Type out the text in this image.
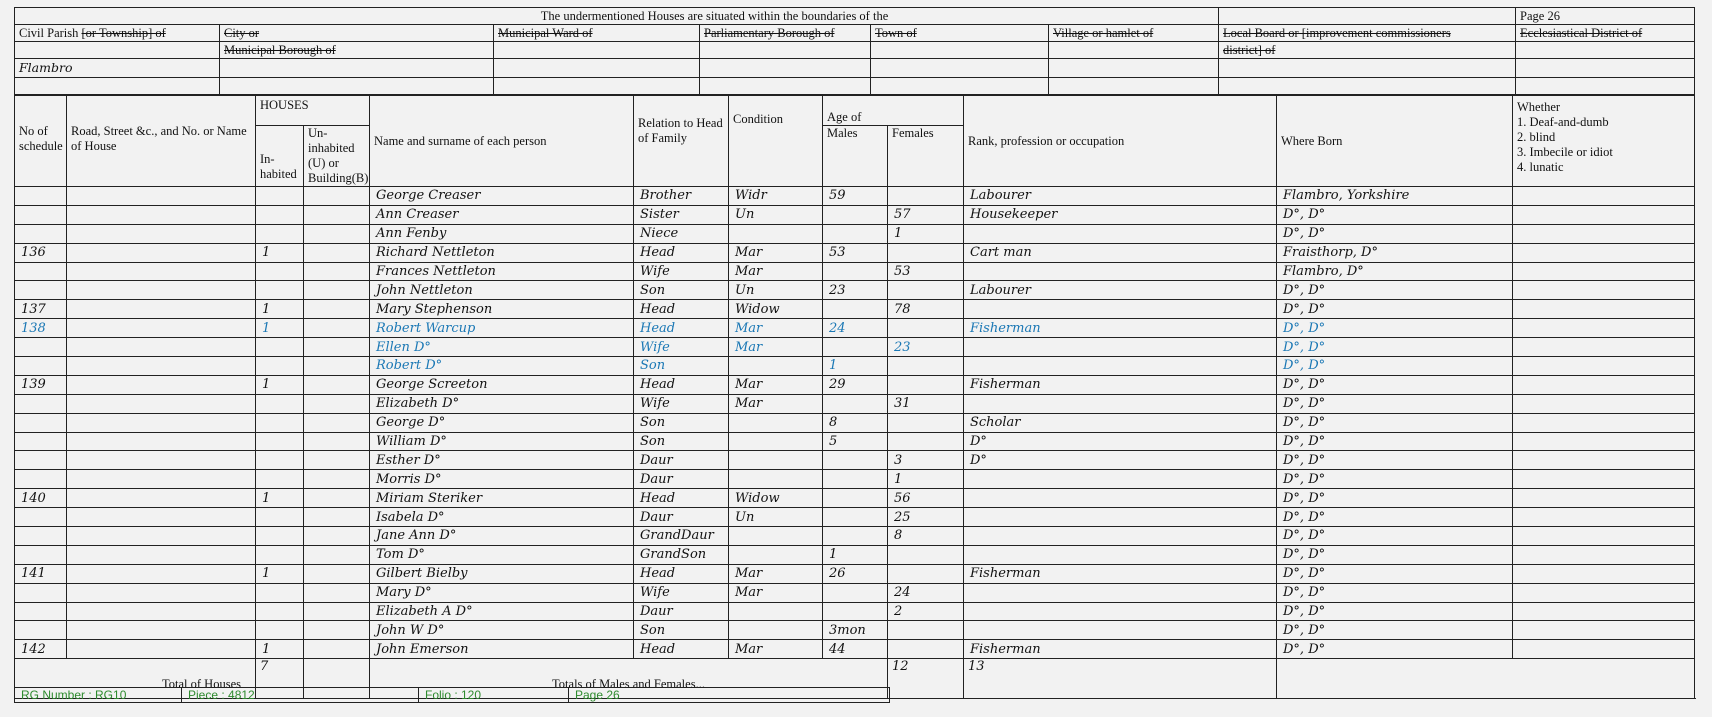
The undermentioned Houses are situated within the boundaries of the							Page 26
Civil Parish [or Township] of	City or	Municipal Ward of	Parliamentary Borough of	Town of	Village or hamlet of	Local Board or [improvement commissioners	Ecclesiastical District of
	Municipal Borough of					district] of	
Flambro							

No of schedule	Road, Street &c., and No. or Name of House	HOUSES		Name and surname of each person	Relation to Head of Family	Condition	Age of		Rank, profession or occupation	Where Born	Whether
1. Deaf-and-dumb
2. blind
3. Imbecile or idiot
4. lunatic

		In- habited	Un- inhabited (U) or Building(B)				Males	Females			
				George Creaser	Brother	Widr	59		Labourer	Flambro, Yorkshire	
				Ann Creaser	Sister	Un		57	Housekeeper	D°, D°	
				Ann Fenby	Niece			1		D°, D°	
136		1		Richard Nettleton	Head	Mar	53		Cart man	Fraisthorp, D°	
				Frances Nettleton	Wife	Mar		53		Flambro, D°	
				John Nettleton	Son	Un	23		Labourer	D°, D°	
137		1		Mary Stephenson	Head	Widow		78		D°, D°	
138		1		Robert Warcup	Head	Mar	24		Fisherman	D°, D°	
				Ellen D°	Wife	Mar		23		D°, D°	
				Robert D°	Son		1			D°, D°	
139		1		George Screeton	Head	Mar	29		Fisherman	D°, D°	
				Elizabeth D°	Wife	Mar		31		D°, D°	
				George D°	Son		8		Scholar	D°, D°	
				William D°	Son		5		D°	D°, D°	
				Esther D°	Daur			3	D°	D°, D°	
				Morris D°	Daur			1		D°, D°	
140		1		Miriam Steriker	Head	Widow		56		D°, D°	
				Isabela D°	Daur	Un		25		D°, D°	
				Jane Ann D°	GrandDaur			8		D°, D°	
				Tom D°	GrandSon		1			D°, D°	
141		1		Gilbert Bielby	Head	Mar	26		Fisherman	D°, D°	
				Mary D°	Wife	Mar		24		D°, D°	
				Elizabeth A D°	Daur			2		D°, D°	
				John W D°	Son		3mon			D°, D°	
142		1		John Emerson	Head	Mar	44		Fisherman	D°, D°	
Total of Houses		7		Totals of Males and Females...				12	13		
RG Number : RG10	Piece : 4812	Folio : 120	Page 26
